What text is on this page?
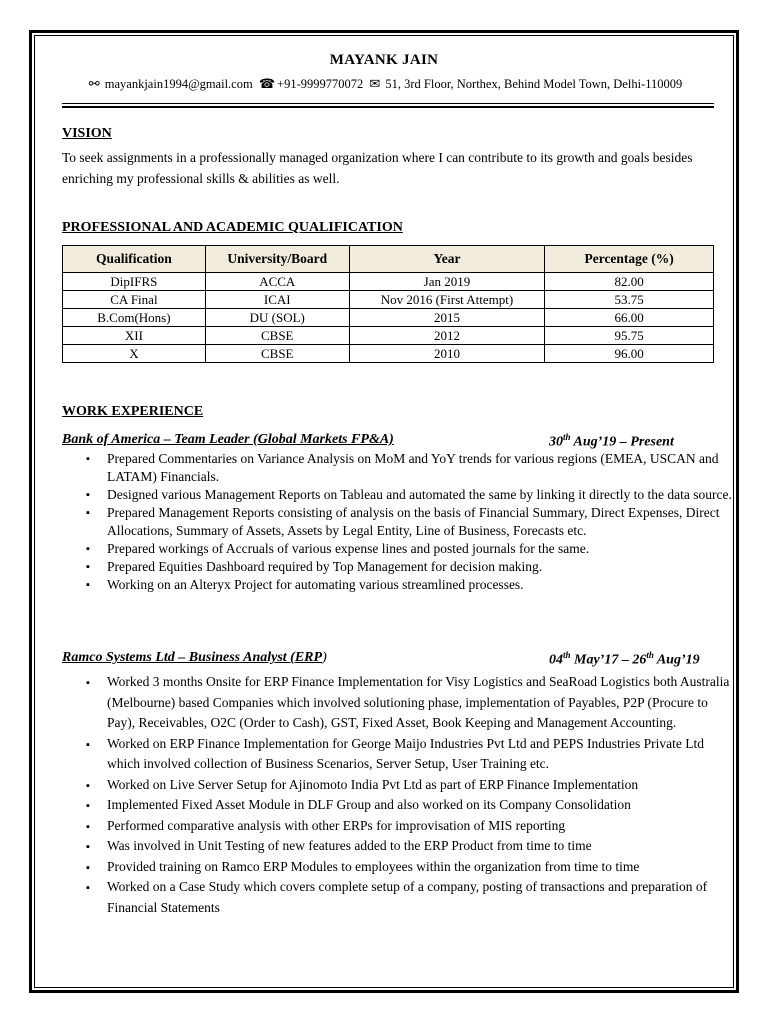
MAYANK JAIN
⚯ mayankjain1994@gmail.com ☎ +91-9999770072 ✉ 51, 3rd Floor, Northex, Behind Model Town, Delhi-110009
VISION
To seek assignments in a professionally managed organization where I can contribute to its growth and goals besides enriching my professional skills & abilities as well.
PROFESSIONAL AND ACADEMIC QUALIFICATION
Qualification	University/Board	Year	Percentage (%)
DipIFRS	ACCA	Jan 2019	82.00
CA Final	ICAI	Nov 2016 (First Attempt)	53.75
B.Com(Hons)	DU (SOL)	2015	66.00
XII	CBSE	2012	95.75
X	CBSE	2010	96.00
WORK EXPERIENCE
Bank of America – Team Leader (Global Markets FP&A)	30th Aug’19 – Present
▪ Prepared Commentaries on Variance Analysis on MoM and YoY trends for various regions (EMEA, USCAN and LATAM) Financials.
▪ Designed various Management Reports on Tableau and automated the same by linking it directly to the data source.
▪ Prepared Management Reports consisting of analysis on the basis of Financial Summary, Direct Expenses, Direct Allocations, Summary of Assets, Assets by Legal Entity, Line of Business, Forecasts etc.
▪ Prepared workings of Accruals of various expense lines and posted journals for the same.
▪ Prepared Equities Dashboard required by Top Management for decision making.
▪ Working on an Alteryx Project for automating various streamlined processes.
Ramco Systems Ltd – Business Analyst (ERP)	04th May’17 – 26th Aug’19
▪ Worked 3 months Onsite for ERP Finance Implementation for Visy Logistics and SeaRoad Logistics both Australia (Melbourne) based Companies which involved solutioning phase, implementation of Payables, P2P (Procure to Pay), Receivables, O2C (Order to Cash), GST, Fixed Asset, Book Keeping and Management Accounting.
▪ Worked on ERP Finance Implementation for George Maijo Industries Pvt Ltd and PEPS Industries Private Ltd which involved collection of Business Scenarios, Server Setup, User Training etc.
▪ Worked on Live Server Setup for Ajinomoto India Pvt Ltd as part of ERP Finance Implementation
▪ Implemented Fixed Asset Module in DLF Group and also worked on its Company Consolidation
▪ Performed comparative analysis with other ERPs for improvisation of MIS reporting
▪ Was involved in Unit Testing of new features added to the ERP Product from time to time
▪ Provided training on Ramco ERP Modules to employees within the organization from time to time
▪ Worked on a Case Study which covers complete setup of a company, posting of transactions and preparation of Financial Statements
